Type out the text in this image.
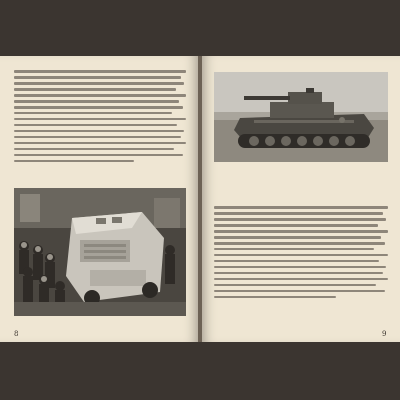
8	9
